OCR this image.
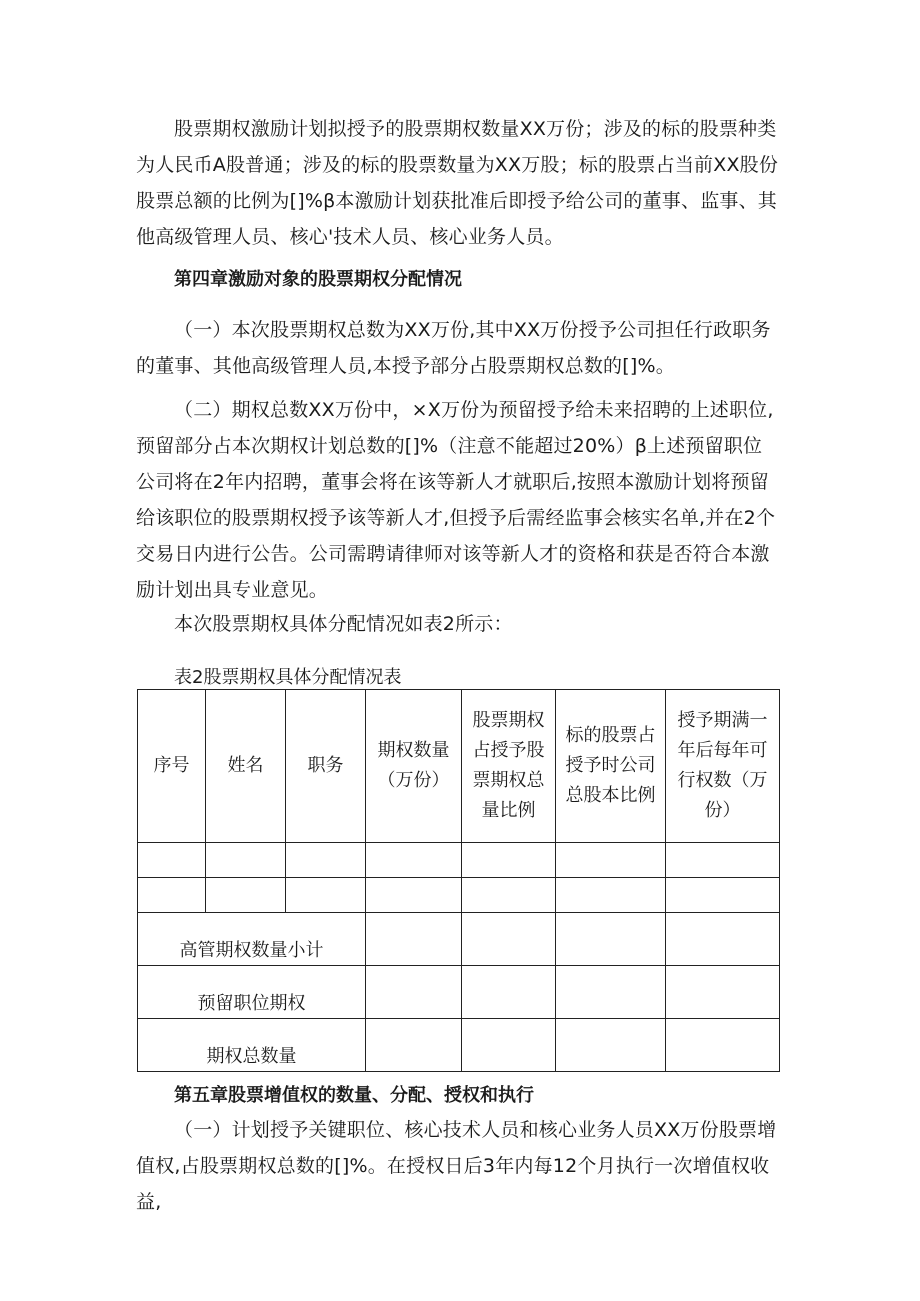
股票期权激励计划拟授予的股票期权数量XX万份；涉及的标的股票种类为人民币A股普通；涉及的标的股票数量为XX万股；标的股票占当前XX股份股票总额的比例为[]%β本激励计划获批准后即授予给公司的董事、监事、其他高级管理人员、核心'技术人员、核心业务人员。

第四章激励对象的股票期权分配情况

（一）本次股票期权总数为XX万份,其中XX万份授予公司担任行政职务的董事、其他高级管理人员,本授予部分占股票期权总数的[]%。

（二）期权总数XX万份中，×X万份为预留授予给未来招聘的上述职位,预留部分占本次期权计划总数的[]%（注意不能超过20%）β上述预留职位公司将在2年内招聘，董事会将在该等新人才就职后,按照本激励计划将预留给该职位的股票期权授予该等新人才,但授予后需经监事会核实名单,并在2个交易日内进行公告。公司需聘请律师对该等新人才的资格和获是否符合本激励计划出具专业意见。

本次股票期权具体分配情况如表2所示：

表2股票期权具体分配情况表
序号	姓名	职务	期权数量（万份）	股票期权占授予股票期权总量比例	标的股票占授予时公司总股本比例	授予期满一年后每年可行权数（万份）

高管期权数量小计						
预留职位期权						
期权总数量						

第五章股票增值权的数量、分配、授权和执行

（一）计划授予关键职位、核心技术人员和核心业务人员XX万份股票增值权,占股票期权总数的[]%。在授权日后3年内每12个月执行一次增值权收益,
